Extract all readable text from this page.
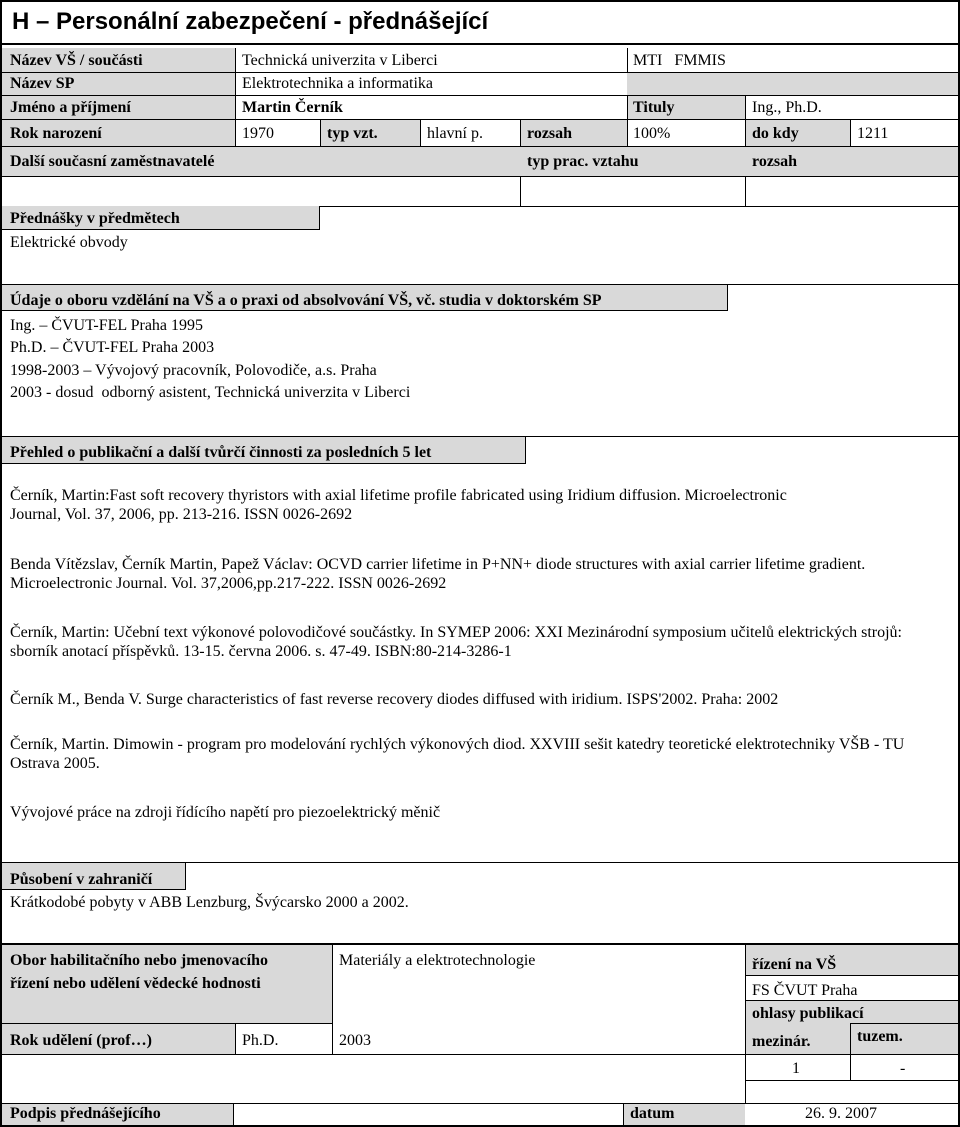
H – Personální zabezpečení - přednášející
Název VŠ / součásti	Technická univerzita v Liberci	MTI   FMMIS
Název SP	Elektrotechnika a informatika
Jméno a příjmení	Martin Černík	Tituly	Ing., Ph.D.
Rok narození	1970	typ vzt.	hlavní p.	rozsah	100%	do kdy	1211
Další současní zaměstnavatelé	typ prac. vztahu	rozsah
Přednášky v předmětech
Elektrické obvody
Údaje o oboru vzdělání na VŠ a o praxi od absolvování VŠ, vč. studia v doktorském SP
Ing. – ČVUT-FEL Praha 1995
Ph.D. – ČVUT-FEL Praha 2003
1998-2003 – Vývojový pracovník, Polovodiče, a.s. Praha
2003 - dosud  odborný asistent, Technická univerzita v Liberci
Přehled o publikační a další tvůrčí činnosti za posledních 5 let
Černík, Martin:Fast soft recovery thyristors with axial lifetime profile fabricated using Iridium diffusion. Microelectronic Journal, Vol. 37, 2006, pp. 213-216. ISSN 0026-2692
Benda Vítězslav, Černík Martin, Papež Václav: OCVD carrier lifetime in P+NN+ diode structures with axial carrier lifetime gradient. Microelectronic Journal. Vol. 37,2006,pp.217-222. ISSN 0026-2692
Černík, Martin: Učební text výkonové polovodičové součástky. In SYMEP 2006: XXI Mezinárodní symposium učitelů elektrických strojů: sborník anotací příspěvků. 13-15. června 2006. s. 47-49. ISBN:80-214-3286-1
Černík M., Benda V. Surge characteristics of fast reverse recovery diodes diffused with iridium. ISPS'2002. Praha: 2002
Černík, Martin. Dimowin - program pro modelování rychlých výkonových diod. XXVIII sešit katedry teoretické elektrotechniky VŠB - TU Ostrava 2005.
Vývojové práce na zdroji řídícího napětí pro piezoelektrický měnič
Působení v zahraničí
Krátkodobé pobyty v ABB Lenzburg, Švýcarsko 2000 a 2002.
Obor habilitačního nebo jmenovacího
řízení nebo udělení vědecké hodnosti
Materiály a elektrotechnologie	řízení na VŠ
FS ČVUT Praha
ohlasy publikací
Rok udělení (prof…)	Ph.D.	2003	mezinár.	tuzem.
1	-
Podpis přednášejícího	datum	26. 9. 2007
